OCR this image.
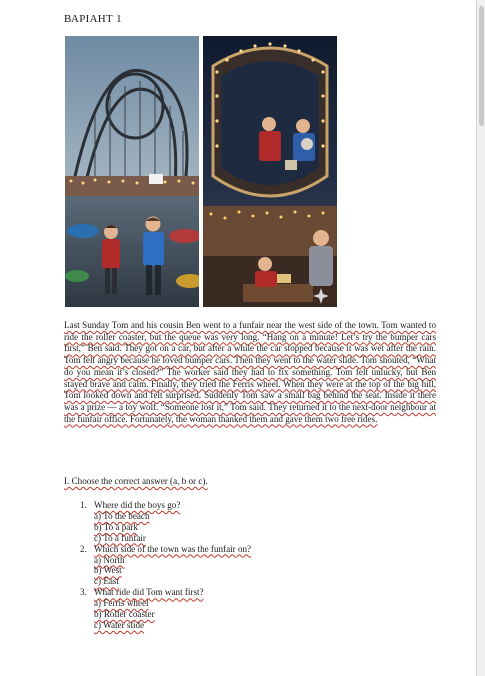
ВАРІАНТ 1
Last Sunday Tom and his cousin Ben went to a funfair near the west side of the town. Tom wanted to ride the roller coaster, but the queue was very long. “Hang on a minute! Let’s try the bumper cars first,” Ben said. They got on a car, but after a while the car stopped because it was wet after the rain. Tom felt angry because he loved bumper cars. Then they went to the water slide. Tom shouted, “What do you mean it’s closed?” The worker said they had to fix something. Tom felt unlucky, but Ben stayed brave and calm. Finally, they tried the Ferris wheel. When they were at the top of the big hill, Tom looked down and felt surprised. Suddenly Tom saw a small bag behind the seat. Inside it there was a prize — a toy wolf. “Someone lost it,” Tom said. They returned it to the next-door neighbour at the funfair office. Fortunately, the woman thanked them and gave them two free rides.
I. Choose the correct answer (a, b or c).
1. Where did the boys go?
a) To the beach
b) To a park
c) To a funfair
2. Which side of the town was the funfair on?
a) North
b) West
c) East
3. What ride did Tom want first?
a) Ferris wheel
b) Roller coaster
c) Water slide
